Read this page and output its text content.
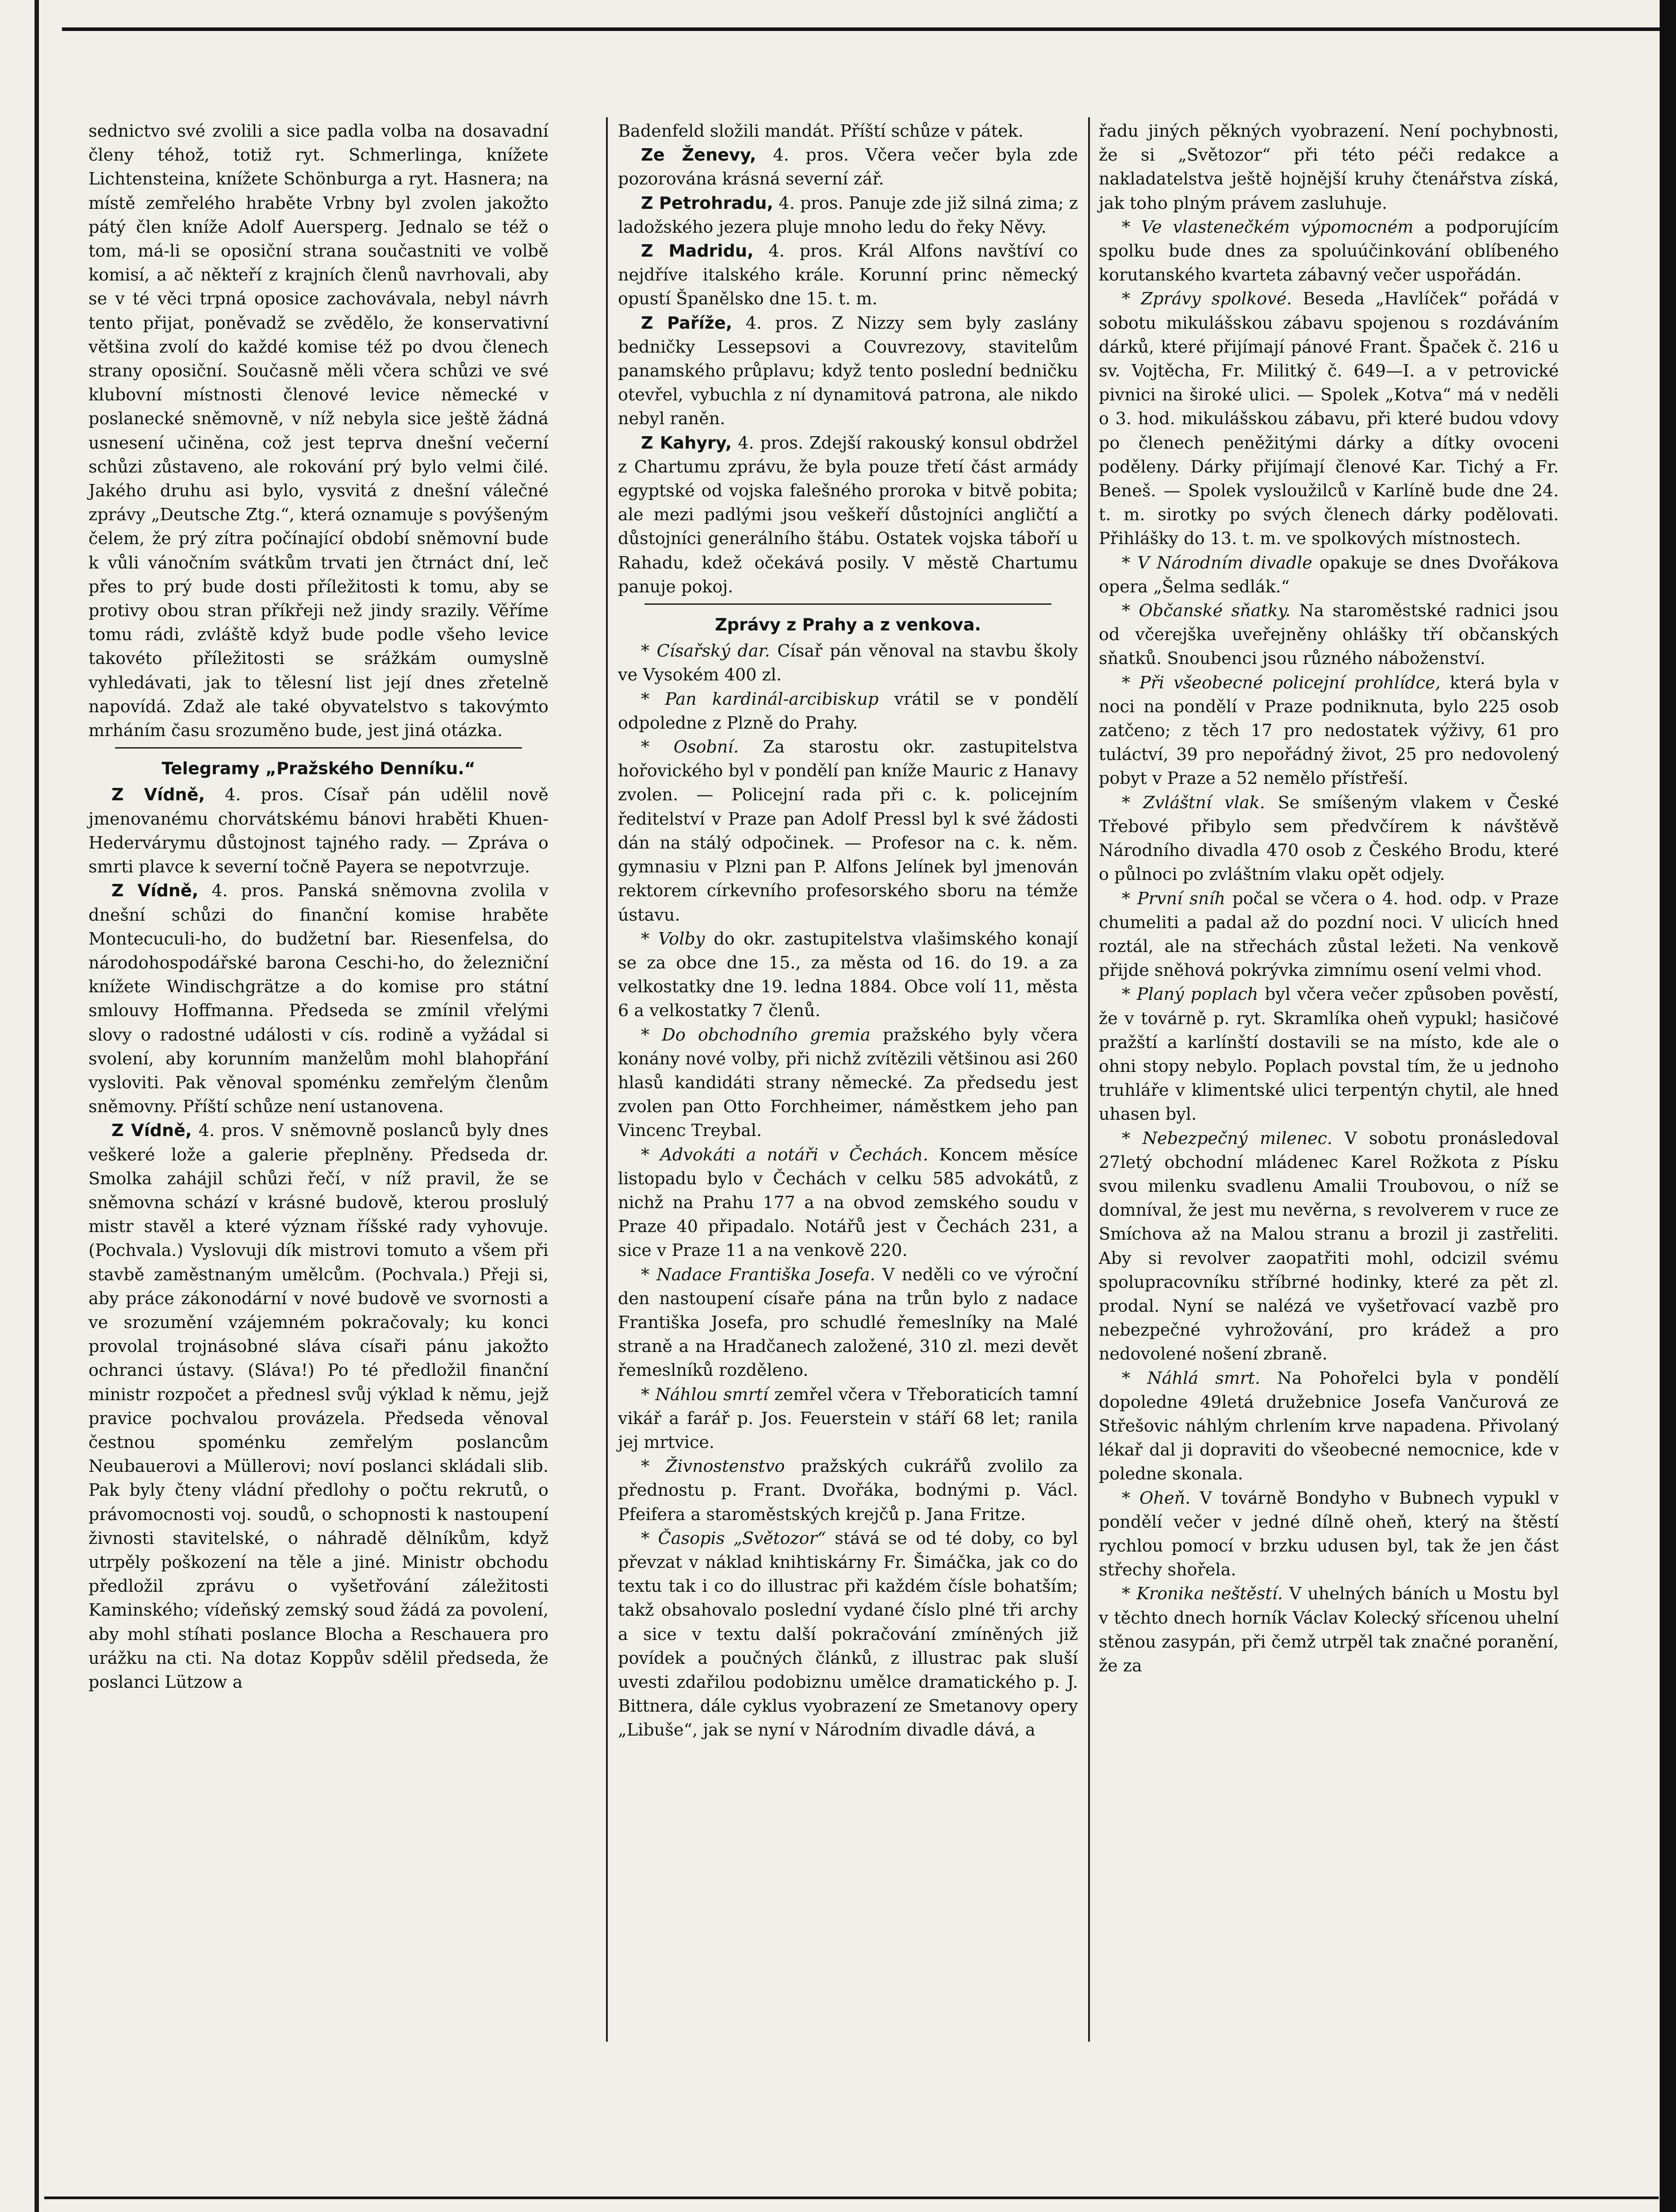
sednictvo své zvolili a sice padla volba na dosavadní členy téhož, totiž ryt. Schmerlinga, knížete Lichtensteina, knížete Schönburga a ryt. Hasnera; na místě zemřelého hraběte Vrbny byl zvolen jakožto pátý člen kníže Adolf Auersperg. Jednalo se též o tom, má-li se oposiční strana součastniti ve volbě komisí, a ač někteří z krajních členů navrhovali, aby se v té věci trpná oposice zachovávala, nebyl návrh tento přijat, poněvadž se zvědělo, že konservativní většina zvolí do každé komise též po dvou členech strany oposiční. Současně měli včera schůzi ve své klubovní místnosti členové levice německé v poslanecké sněmovně, v níž nebyla sice ještě žádná usnesení učiněna, což jest teprva dnešní večerní schůzi zůstaveno, ale rokování prý bylo velmi čilé. Jakého druhu asi bylo, vysvitá z dnešní válečné zprávy „Deutsche Ztg.“, která oznamuje s povýšeným čelem, že prý zítra počínající období sněmovní bude k vůli vánočním svátkům trvati jen čtrnáct dní, leč přes to prý bude dosti příležitosti k tomu, aby se protivy obou stran příkřeji než jindy srazily. Věříme tomu rádi, zvláště když bude podle všeho levice takovéto příležitosti se srážkám oumyslně vyhledávati, jak to tělesní list její dnes zřetelně napovídá. Zdaž ale také obyvatelstvo s takovýmto mrháním času srozuměno bude, jest jiná otázka.

Telegramy „Pražského Denníku.“

Z Vídně, 4. pros. Císař pán udělil nově jmenovanému chorvátskému bánovi hraběti Khuen-Hedervárymu důstojnost tajného rady. — Zpráva o smrti plavce k severní točně Payera se nepotvrzuje.

Z Vídně, 4. pros. Panská sněmovna zvolila v dnešní schůzi do finanční komise hraběte Montecuculi-ho, do budžetní bar. Riesenfelsa, do národohospodářské barona Ceschi-ho, do železniční knížete Windischgrätze a do komise pro státní smlouvy Hoffmanna. Předseda se zmínil vřelými slovy o radostné události v cís. rodině a vyžádal si svolení, aby korunním manželům mohl blahopřání vysloviti. Pak věnoval spoménku zemřelým členům sněmovny. Příští schůze není ustanovena.

Z Vídně, 4. pros. V sněmovně poslanců byly dnes veškeré lože a galerie přeplněny. Předseda dr. Smolka zahájil schůzi řečí, v níž pravil, že se sněmovna schází v krásné budově, kterou proslulý mistr stavěl a které význam říšské rady vyhovuje. (Pochvala.) Vyslovuji dík mistrovi tomuto a všem při stavbě zaměstnaným umělcům. (Pochvala.) Přeji si, aby práce zákonodární v nové budově ve svornosti a ve srozumění vzájemném pokračovaly; ku konci provolal trojnásobné sláva císaři pánu jakožto ochranci ústavy. (Sláva!) Po té předložil finanční ministr rozpočet a přednesl svůj výklad k němu, jejž pravice pochvalou provázela. Předseda věnoval čestnou spoménku zemřelým poslancům Neubauerovi a Müllerovi; noví poslanci skládali slib. Pak byly čteny vládní předlohy o počtu rekrutů, o právomocnosti voj. soudů, o schopnosti k nastoupení živnosti stavitelské, o náhradě dělníkům, když utrpěly poškození na těle a jiné. Ministr obchodu předložil zprávu o vyšetřování záležitosti Kaminského; vídeňský zemský soud žádá za povolení, aby mohl stíhati poslance Blocha a Reschauera pro urážku na cti. Na dotaz Koppův sdělil předseda, že poslanci Lützow a

Badenfeld složili mandát. Příští schůze v pátek.

Ze Ženevy, 4. pros. Včera večer byla zde pozorována krásná severní zář.

Z Petrohradu, 4. pros. Panuje zde již silná zima; z ladožského jezera pluje mnoho ledu do řeky Něvy.

Z Madridu, 4. pros. Král Alfons navštíví co nejdříve italského krále. Korunní princ německý opustí Španělsko dne 15. t. m.

Z Paříže, 4. pros. Z Nizzy sem byly zaslány bedničky Lessepsovi a Couvrezovy, stavitelům panamského průplavu; když tento poslední bedničku otevřel, vybuchla z ní dynamitová patrona, ale nikdo nebyl raněn.

Z Kahyry, 4. pros. Zdejší rakouský konsul obdržel z Chartumu zprávu, že byla pouze třetí část armády egyptské od vojska falešného proroka v bitvě pobita; ale mezi padlými jsou veškeří důstojníci angličtí a důstojníci generálního štábu. Ostatek vojska táboří u Rahadu, kdež očekává posily. V městě Chartumu panuje pokoj.

Zprávy z Prahy a z venkova.

* Císařský dar. Císař pán věnoval na stavbu školy ve Vysokém 400 zl.

* Pan kardinál-arcibiskup vrátil se v pondělí odpoledne z Plzně do Prahy.

* Osobní. Za starostu okr. zastupitelstva hořovického byl v pondělí pan kníže Mauric z Hanavy zvolen. — Policejní rada při c. k. policejním ředitelství v Praze pan Adolf Pressl byl k své žádosti dán na stálý odpočinek. — Profesor na c. k. něm. gymnasiu v Plzni pan P. Alfons Jelínek byl jmenován rektorem církevního profesorského sboru na témže ústavu.

* Volby do okr. zastupitelstva vlašimského konají se za obce dne 15., za města od 16. do 19. a za velkostatky dne 19. ledna 1884. Obce volí 11, města 6 a velkostatky 7 členů.

* Do obchodního gremia pražského byly včera konány nové volby, při nichž zvítězili většinou asi 260 hlasů kandidáti strany německé. Za předsedu jest zvolen pan Otto Forchheimer, náměstkem jeho pan Vincenc Treybal.

* Advokáti a notáři v Čechách. Koncem měsíce listopadu bylo v Čechách v celku 585 advokátů, z nichž na Prahu 177 a na obvod zemského soudu v Praze 40 připadalo. Notářů jest v Čechách 231, a sice v Praze 11 a na venkově 220.

* Nadace Františka Josefa. V neděli co ve výroční den nastoupení císaře pána na trůn bylo z nadace Františka Josefa, pro schudlé řemeslníky na Malé straně a na Hradčanech založené, 310 zl. mezi devět řemeslníků rozděleno.

* Náhlou smrtí zemřel včera v Třeboraticích tamní vikář a farář p. Jos. Feuerstein v stáří 68 let; ranila jej mrtvice.

* Živnostenstvo pražských cukrářů zvolilo za přednostu p. Frant. Dvořáka, bodnými p. Václ. Pfeifera a staroměstských krejčů p. Jana Fritze.

* Časopis „Světozor“ stává se od té doby, co byl převzat v náklad knihtiskárny Fr. Šimáčka, jak co do textu tak i co do illustrac při každém čísle bohatším; takž obsahovalo poslední vydané číslo plné tři archy a sice v textu další pokračování zmíněných již povídek a poučných článků, z illustrac pak sluší uvesti zdařilou podobiznu umělce dramatického p. J. Bittnera, dále cyklus vyobrazení ze Smetanovy opery „Libuše“, jak se nyní v Národním divadle dává, a

řadu jiných pěkných vyobrazení. Není pochybnosti, že si „Světozor“ při této péči redakce a nakladatelstva ještě hojnější kruhy čtenářstva získá, jak toho plným právem zasluhuje.

* Ve vlastenečkém výpomocném a podporujícím spolku bude dnes za spoluúčinkování oblíbeného korutanského kvarteta zábavný večer uspořádán.

* Zprávy spolkové. Beseda „Havlíček“ pořádá v sobotu mikulášskou zábavu spojenou s rozdáváním dárků, které přijímají pánové Frant. Špaček č. 216 u sv. Vojtěcha, Fr. Militký č. 649—I. a v petrovické pivnici na široké ulici. — Spolek „Kotva“ má v neděli o 3. hod. mikulášskou zábavu, při které budou vdovy po členech peněžitými dárky a dítky ovoceni poděleny. Dárky přijímají členové Kar. Tichý a Fr. Beneš. — Spolek vysloužilců v Karlíně bude dne 24. t. m. sirotky po svých členech dárky podělovati. Přihlášky do 13. t. m. ve spolkových místnostech.

* V Národním divadle opakuje se dnes Dvořákova opera „Šelma sedlák.“

* Občanské sňatky. Na staroměstské radnici jsou od včerejška uveřejněny ohlášky tří občanských sňatků. Snoubenci jsou různého náboženství.

* Při všeobecné policejní prohlídce, která byla v noci na pondělí v Praze podniknuta, bylo 225 osob zatčeno; z těch 17 pro nedostatek výživy, 61 pro tuláctví, 39 pro nepořádný život, 25 pro nedovolený pobyt v Praze a 52 nemělo přístřeší.

* Zvláštní vlak. Se smíšeným vlakem v České Třebové přibylo sem předvčírem k návštěvě Národního divadla 470 osob z Českého Brodu, které o půlnoci po zvláštním vlaku opět odjely.

* První sníh počal se včera o 4. hod. odp. v Praze chumeliti a padal až do pozdní noci. V ulicích hned roztál, ale na střechách zůstal ležeti. Na venkově přijde sněhová pokrývka zimnímu osení velmi vhod.

* Planý poplach byl včera večer způsoben pověstí, že v továrně p. ryt. Skramlíka oheň vypukl; hasičové pražští a karlínští dostavili se na místo, kde ale o ohni stopy nebylo. Poplach povstal tím, že u jednoho truhláře v klimentské ulici terpentýn chytil, ale hned uhasen byl.

* Nebezpečný milenec. V sobotu pronásledoval 27letý obchodní mládenec Karel Rožkota z Písku svou milenku svadlenu Amalii Troubovou, o níž se domníval, že jest mu nevěrna, s revolverem v ruce ze Smíchova až na Malou stranu a brozil ji zastřeliti. Aby si revolver zaopatřiti mohl, odcizil svému spolupracovníku stříbrné hodinky, které za pět zl. prodal. Nyní se nalézá ve vyšetřovací vazbě pro nebezpečné vyhrožování, pro krádež a pro nedovolené nošení zbraně.

* Náhlá smrt. Na Pohořelci byla v pondělí dopoledne 49letá družebnice Josefa Vančurová ze Střešovic náhlým chrlením krve napadena. Přivolaný lékař dal ji dopraviti do všeobecné nemocnice, kde v poledne skonala.

* Oheň. V továrně Bondyho v Bubnech vypukl v pondělí večer v jedné dílně oheň, který na štěstí rychlou pomocí v brzku udusen byl, tak že jen část střechy shořela.

* Kronika neštěstí. V uhelných báních u Mostu byl v těchto dnech horník Václav Kolecký sřícenou uhelní stěnou zasypán, při čemž utrpěl tak značné poranění, že za
